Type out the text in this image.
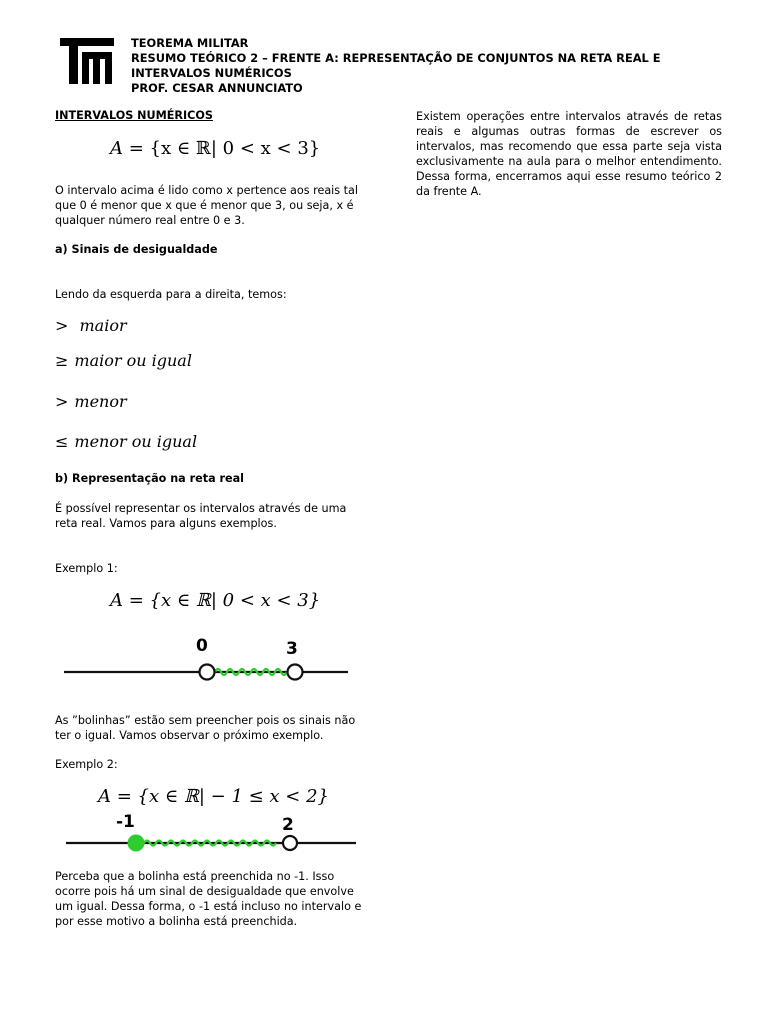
TEOREMA MILITAR
RESUMO TEÓRICO 2 – FRENTE A: REPRESENTAÇÃO DE CONJUNTOS NA RETA REAL E
INTERVALOS NUMÉRICOS
PROF. CESAR ANNUNCIATO
INTERVALOS NUMÉRICOS
A = {x ∈ ℝ| 0 < x < 3}
O intervalo acima é lido como x pertence aos reais tal que 0 é menor que x que é menor que 3, ou seja, x é qualquer número real entre 0 e 3.
a) Sinais de desigualdade
Lendo da esquerda para a direita, temos:
> maior
≥ maior ou igual
> menor
≤ menor ou igual
b) Representação na reta real
É possível representar os intervalos através de uma reta real. Vamos para alguns exemplos.
Exemplo 1:
A = {x ∈ ℝ| 0 < x < 3}
0	3
As ”bolinhas” estão sem preencher pois os sinais não ter o igual. Vamos observar o próximo exemplo.
Exemplo 2:
A = {x ∈ ℝ| − 1 ≤ x < 2}
-1	2
Perceba que a bolinha está preenchida no -1. Isso ocorre pois há um sinal de desigualdade que envolve um igual. Dessa forma, o -1 está incluso no intervalo e por esse motivo a bolinha está preenchida.
Existem operações entre intervalos através de retas reais e algumas outras formas de escrever os intervalos, mas recomendo que essa parte seja vista exclusivamente na aula para o melhor entendimento. Dessa forma, encerramos aqui esse resumo teórico 2 da frente A.
